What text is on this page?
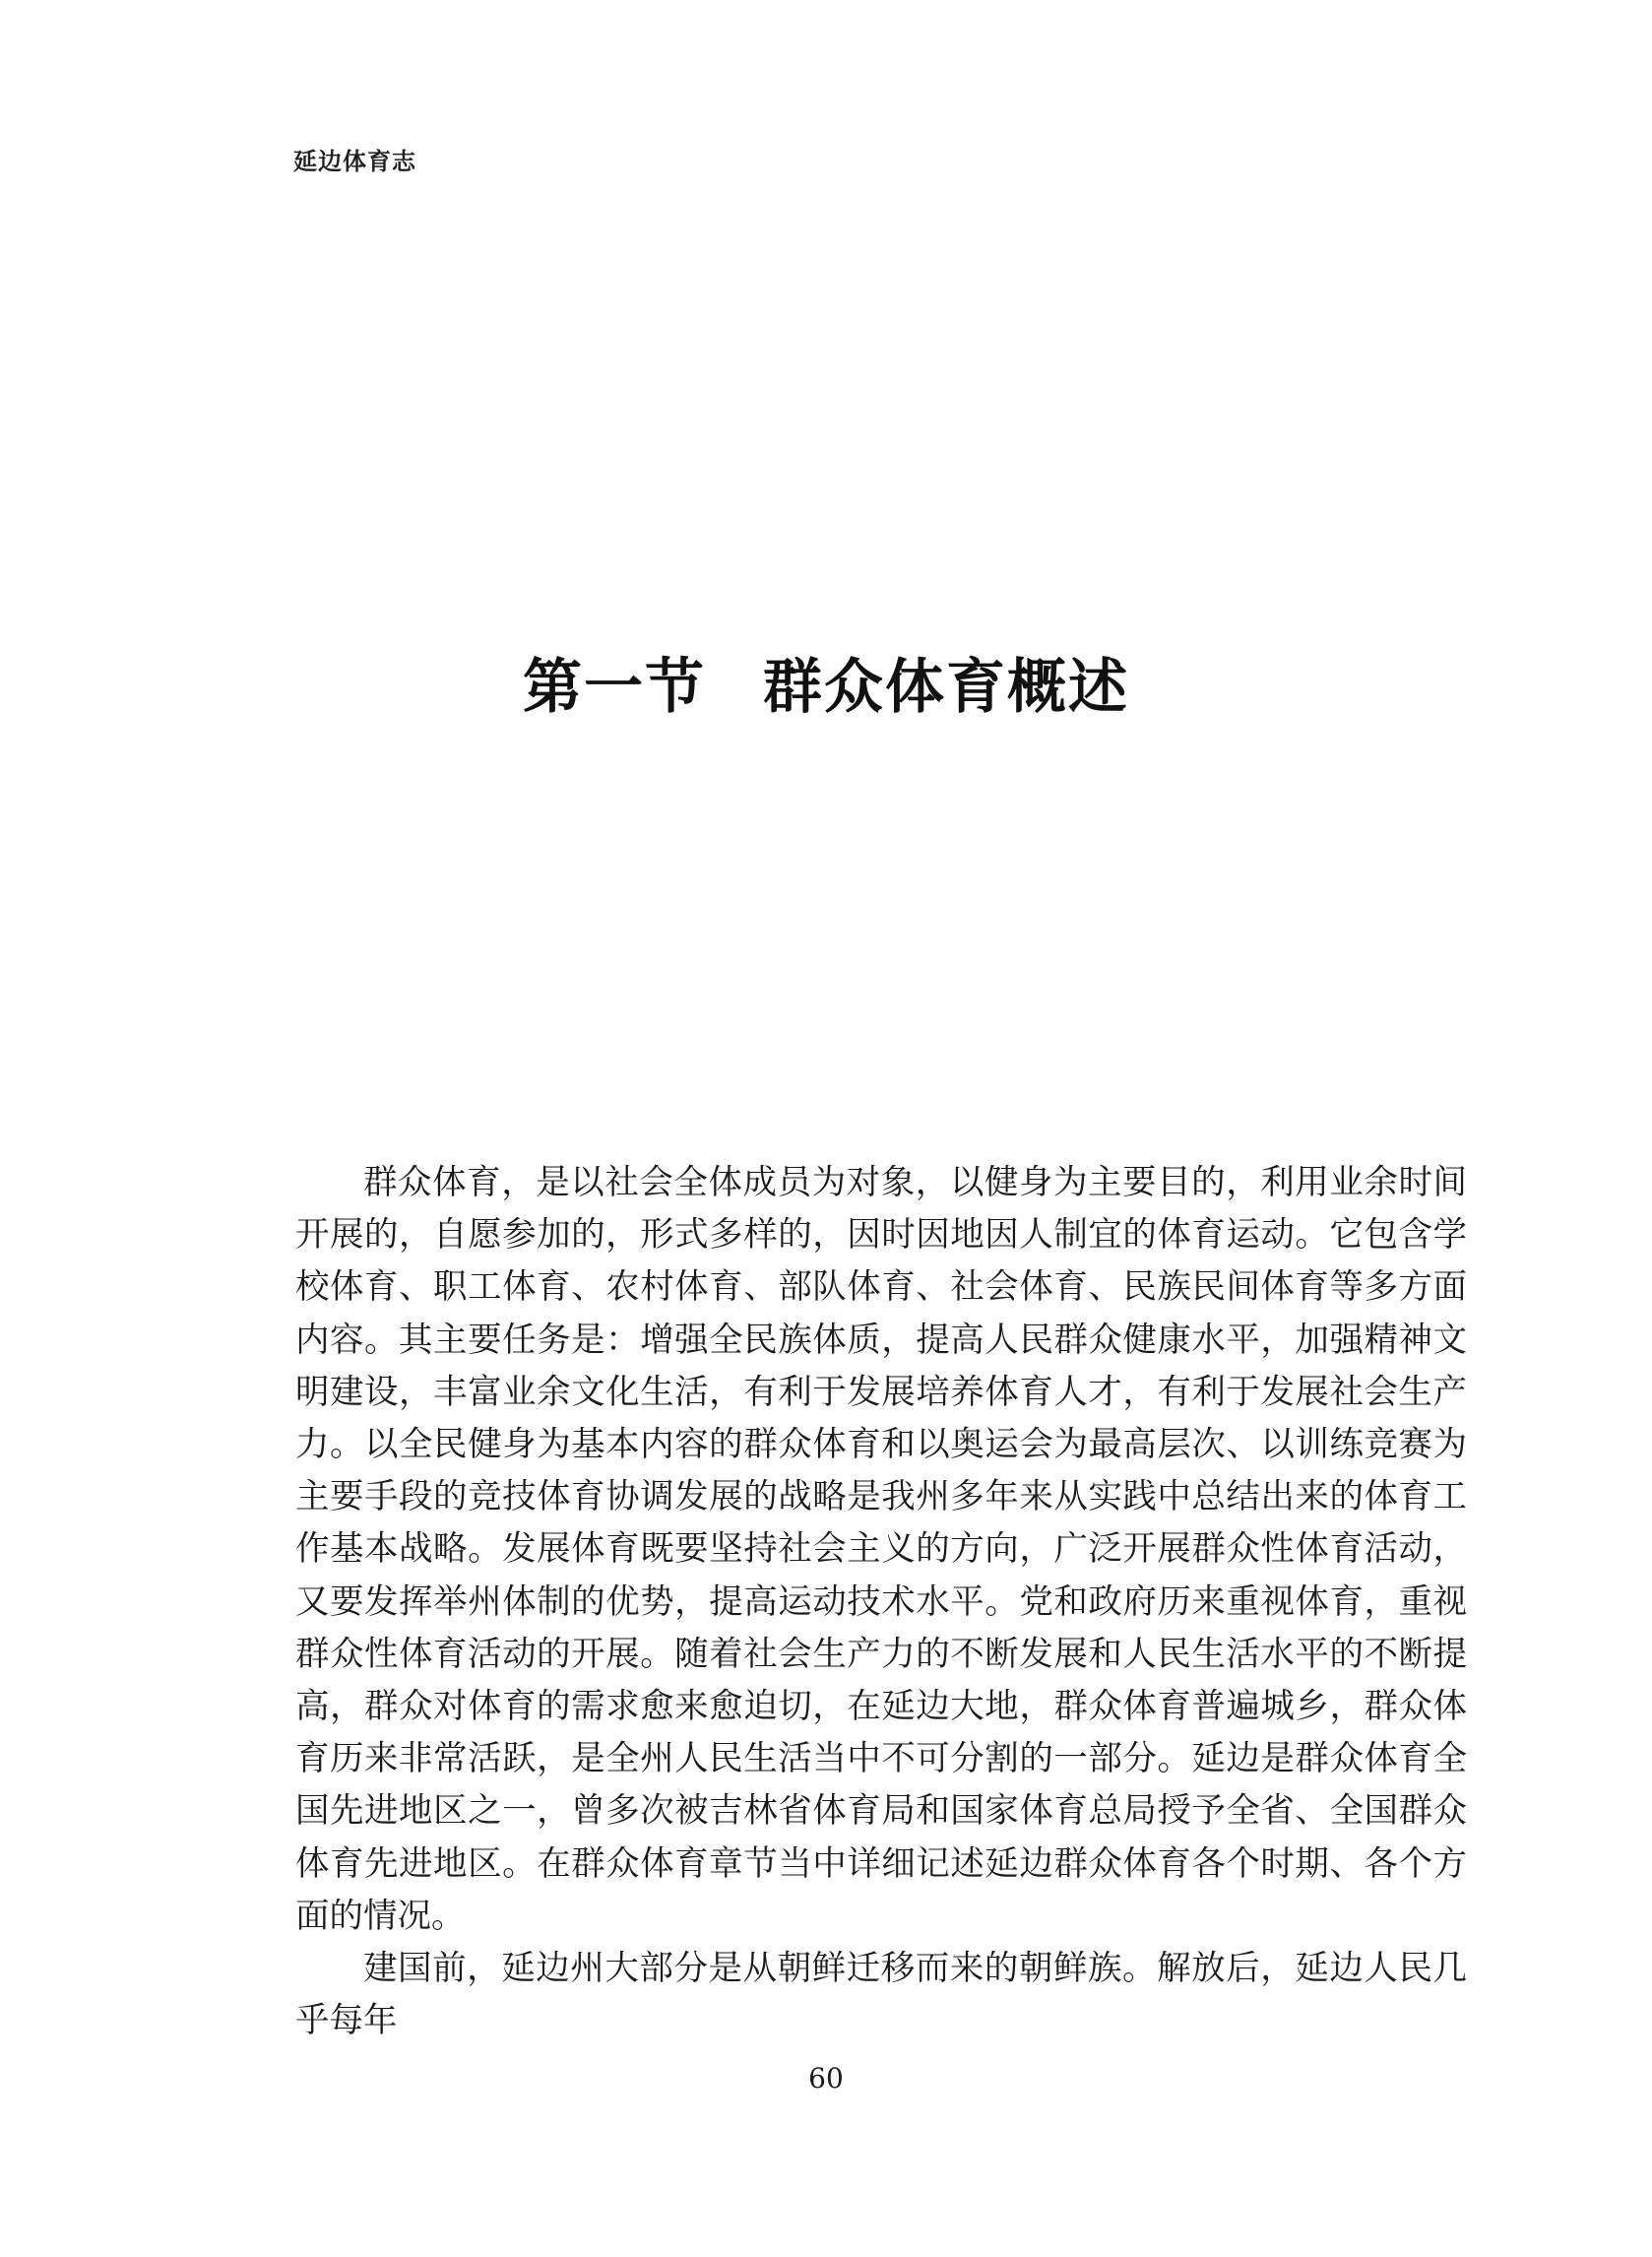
延边体育志
第一节 群众体育概述

群众体育，是以社会全体成员为对象，以健身为主要目的，利用业余时间开展的，自愿参加的，形式多样的，因时因地因人制宜的体育运动。它包含学校体育、职工体育、农村体育、部队体育、社会体育、民族民间体育等多方面内容。其主要任务是：增强全民族体质，提高人民群众健康水平，加强精神文明建设，丰富业余文化生活，有利于发展培养体育人才，有利于发展社会生产力。以全民健身为基本内容的群众体育和以奥运会为最高层次、以训练竞赛为主要手段的竞技体育协调发展的战略是我州多年来从实践中总结出来的体育工作基本战略。发展体育既要坚持社会主义的方向，广泛开展群众性体育活动，又要发挥举州体制的优势，提高运动技术水平。党和政府历来重视体育，重视群众性体育活动的开展。随着社会生产力的不断发展和人民生活水平的不断提高，群众对体育的需求愈来愈迫切，在延边大地，群众体育普遍城乡，群众体育历来非常活跃，是全州人民生活当中不可分割的一部分。延边是群众体育全国先进地区之一，曾多次被吉林省体育局和国家体育总局授予全省、全国群众体育先进地区。在群众体育章节当中详细记述延边群众体育各个时期、各个方面的情况。

建国前，延边州大部分是从朝鲜迁移而来的朝鲜族。解放后，延边人民几乎每年

60
